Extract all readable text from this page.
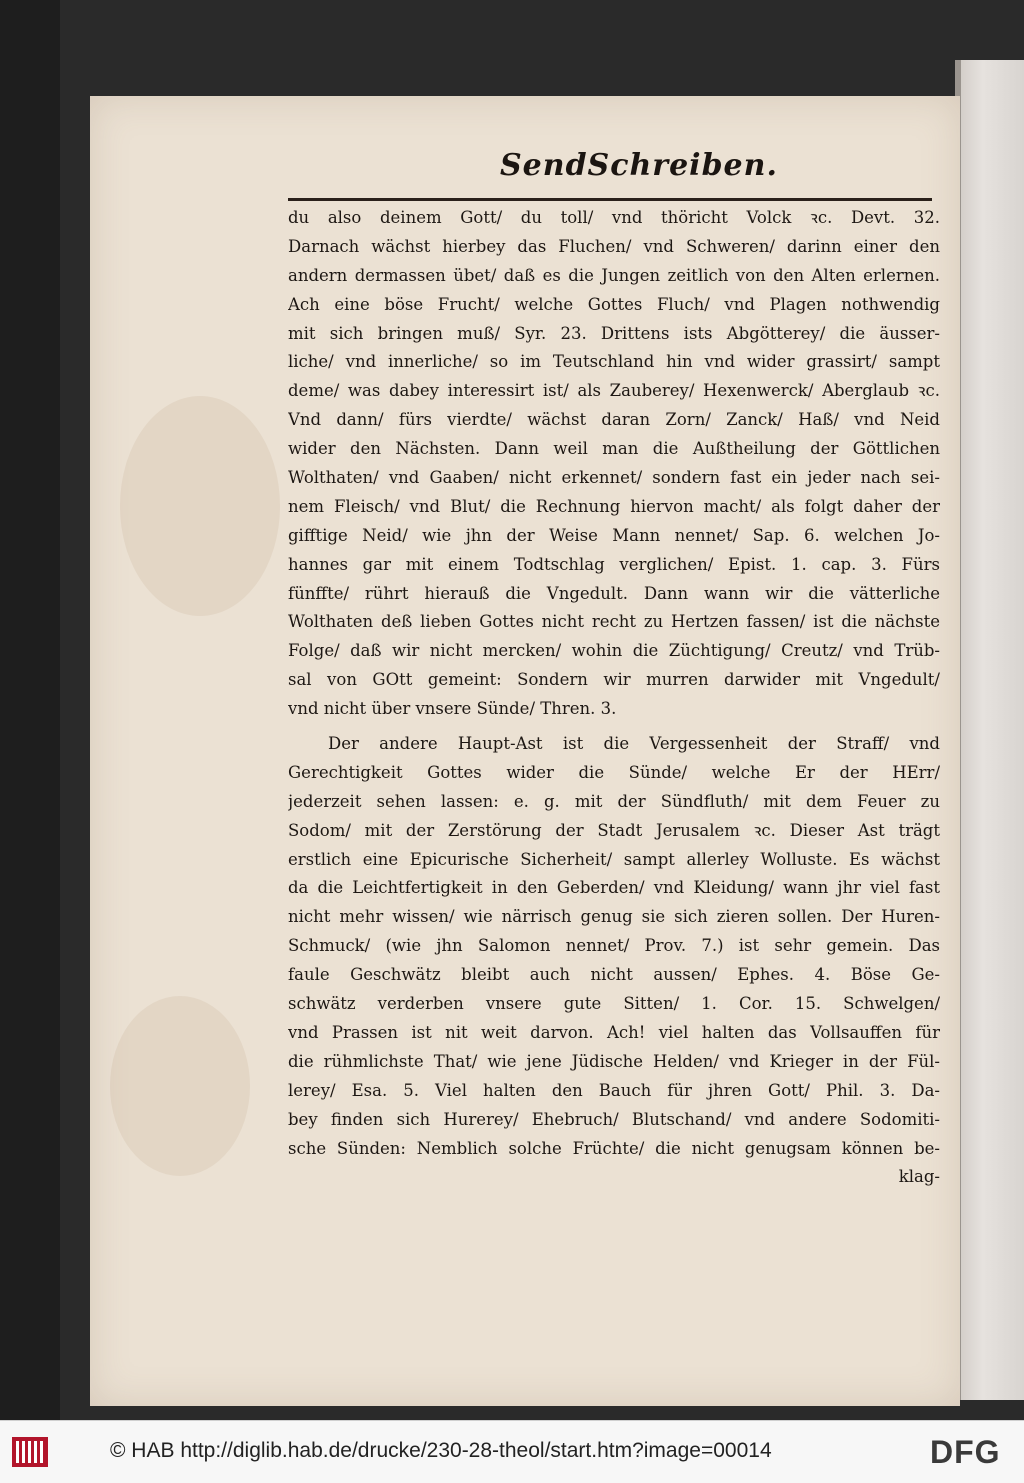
SendSchreiben.
du also deinem Gott/ du toll/ vnd thöricht Volck ꝛc. Devt. 32.
Darnach wächst hierbey das Fluchen/ vnd Schweren/ darinn einer den
andern dermassen übet/ daß es die Jungen zeitlich von den Alten erlernen.
Ach eine böse Frucht/ welche Gottes Fluch/ vnd Plagen nothwendig
mit sich bringen muß/ Syr. 23. Drittens ists Abgötterey/ die äusser-
liche/ vnd innerliche/ so im Teutschland hin vnd wider grassirt/ sampt
deme/ was dabey interessirt ist/ als Zauberey/ Hexenwerck/ Aberglaub ꝛc.
Vnd dann/ fürs vierdte/ wächst daran Zorn/ Zanck/ Haß/ vnd Neid
wider den Nächsten. Dann weil man die Außtheilung der Göttlichen
Wolthaten/ vnd Gaaben/ nicht erkennet/ sondern fast ein jeder nach sei-
nem Fleisch/ vnd Blut/ die Rechnung hiervon macht/ als folgt daher der
gifftige Neid/ wie jhn der Weise Mann nennet/ Sap. 6. welchen Jo-
hannes gar mit einem Todtschlag verglichen/ Epist. 1. cap. 3. Fürs
fünffte/ rührt hierauß die Vngedult. Dann wann wir die vätterliche
Wolthaten deß lieben Gottes nicht recht zu Hertzen fassen/ ist die nächste
Folge/ daß wir nicht mercken/ wohin die Züchtigung/ Creutz/ vnd Trüb-
sal von GOtt gemeint: Sondern wir murren darwider mit Vngedult/
vnd nicht über vnsere Sünde/ Thren. 3.
Der andere Haupt-Ast ist die Vergessenheit der Straff/ vnd
Gerechtigkeit Gottes wider die Sünde/ welche Er der HErr/
jederzeit sehen lassen: e. g. mit der Sündfluth/ mit dem Feuer zu
Sodom/ mit der Zerstörung der Stadt Jerusalem ꝛc. Dieser Ast trägt
erstlich eine Epicurische Sicherheit/ sampt allerley Wolluste. Es wächst
da die Leichtfertigkeit in den Geberden/ vnd Kleidung/ wann jhr viel fast
nicht mehr wissen/ wie närrisch genug sie sich zieren sollen. Der Huren-
Schmuck/ (wie jhn Salomon nennet/ Prov. 7.) ist sehr gemein. Das
faule Geschwätz bleibt auch nicht aussen/ Ephes. 4. Böse Ge-
schwätz verderben vnsere gute Sitten/ 1. Cor. 15. Schwelgen/
vnd Prassen ist nit weit darvon. Ach! viel halten das Vollsauffen für
die rühmlichste That/ wie jene Jüdische Helden/ vnd Krieger in der Fül-
lerey/ Esa. 5. Viel halten den Bauch für jhren Gott/ Phil. 3. Da-
bey finden sich Hurerey/ Ehebruch/ Blutschand/ vnd andere Sodomiti-
sche Sünden: Nemblich solche Früchte/ die nicht genugsam können be-
klag-
© HAB http://diglib.hab.de/drucke/230-28-theol/start.htm?image=00014	DFG
